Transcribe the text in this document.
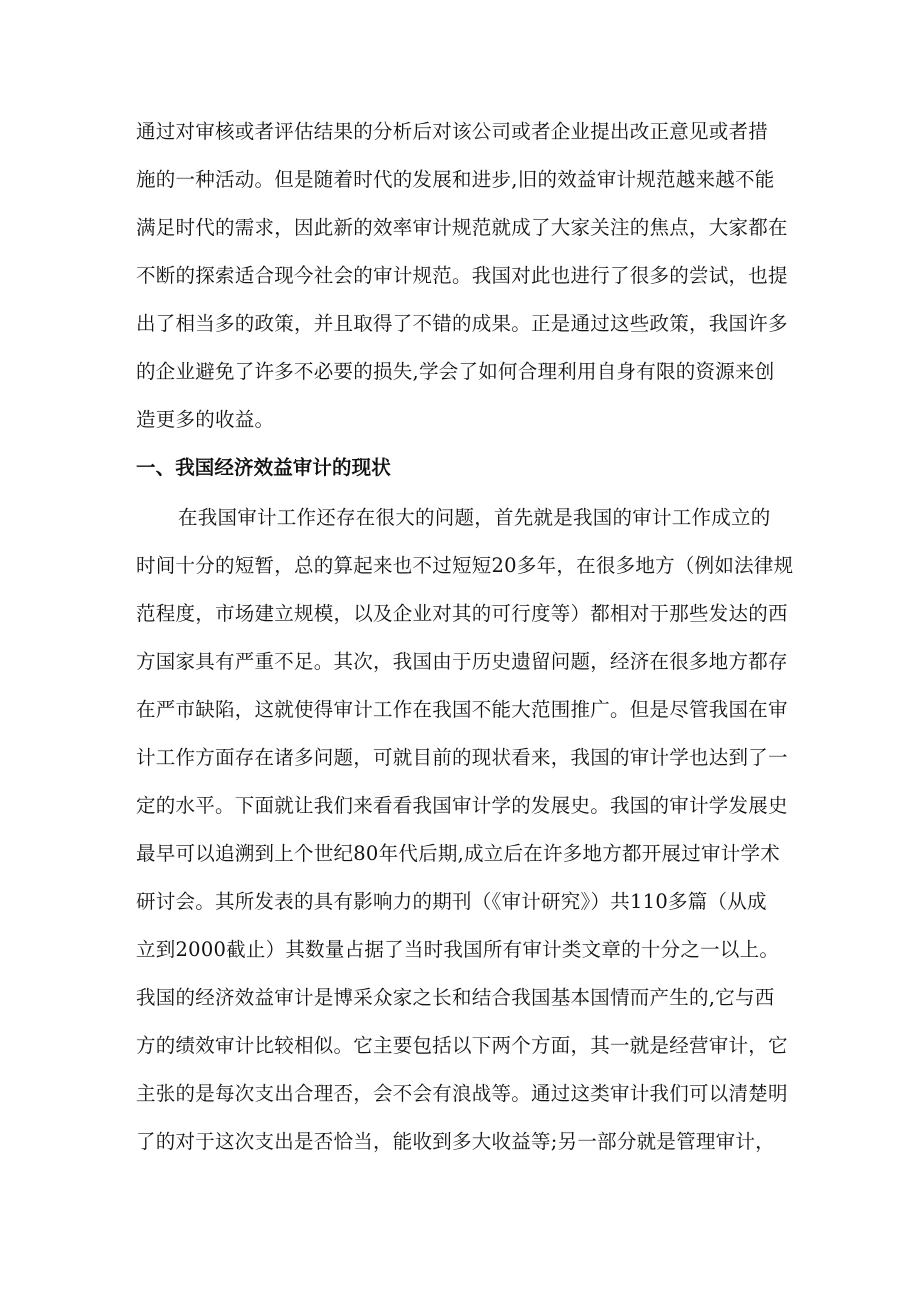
通过对审核或者评估结果的分析后对该公司或者企业提出改正意见或者措
施的一种活动。但是随着时代的发展和进步,旧的效益审计规范越来越不能
满足时代的需求，因此新的效率审计规范就成了大家关注的焦点，大家都在
不断的探索适合现今社会的审计规范。我国对此也进行了很多的尝试，也提
出了相当多的政策，并且取得了不错的成果。正是通过这些政策，我国许多
的企业避免了许多不必要的损失,学会了如何合理利用自身有限的资源来创
造更多的收益。
一、我国经济效益审计的现状
在我国审计工作还存在很大的问题，首先就是我国的审计工作成立的
时间十分的短暂，总的算起来也不过短短20多年，在很多地方（例如法律规
范程度，市场建立规模，以及企业对其的可行度等）都相对于那些发达的西
方国家具有严重不足。其次，我国由于历史遗留问题，经济在很多地方都存
在严市缺陷，这就使得审计工作在我国不能大范围推广。但是尽管我国在审
计工作方面存在诸多问题，可就目前的现状看来，我国的审计学也达到了一
定的水平。下面就让我们来看看我国审计学的发展史。我国的审计学发展史
最早可以追溯到上个世纪80年代后期,成立后在许多地方都开展过审计学术
研讨会。其所发表的具有影响力的期刊（《审计研究》）共110多篇（从成
立到2000截止）其数量占据了当时我国所有审计类文章的十分之一以上。
我国的经济效益审计是博采众家之长和结合我国基本国情而产生的,它与西
方的绩效审计比较相似。它主要包括以下两个方面，其一就是经营审计，它
主张的是每次支出合理否，会不会有浪战等。通过这类审计我们可以清楚明
了的对于这次支出是否恰当，能收到多大收益等;另一部分就是管理审计，
